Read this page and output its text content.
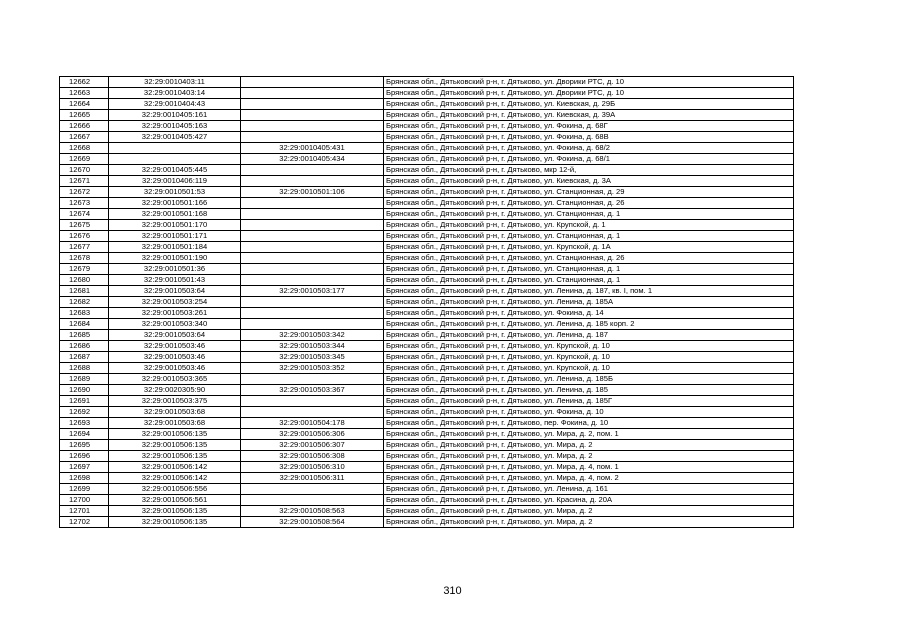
12662	32:29:0010403:11		Брянская обл., Дятьковский р-н, г. Дятьково, ул. Дворики РТС, д. 10
12663	32:29:0010403:14		Брянская обл., Дятьковский р-н, г. Дятьково, ул. Дворики РТС, д. 10
12664	32:29:0010404:43		Брянская обл., Дятьковский р-н, г. Дятьково, ул. Киевская, д. 29Б
12665	32:29:0010405:161		Брянская обл., Дятьковский р-н, г. Дятьково, ул. Киевская, д. 39А
12666	32:29:0010405:163		Брянская обл., Дятьковский р-н, г. Дятьково, ул. Фокина, д. 68Г
12667	32:29:0010405:427		Брянская обл., Дятьковский р-н, г. Дятьково, ул. Фокина, д. 68В
12668		32:29:0010405:431	Брянская обл., Дятьковский р-н, г. Дятьково, ул. Фокина, д. 68/2
12669		32:29:0010405:434	Брянская обл., Дятьковский р-н, г. Дятьково, ул. Фокина, д. 68/1
12670	32:29:0010405:445		Брянская обл., Дятьковский р-н, г. Дятьково, мкр 12-й,
12671	32:29:0010406:119		Брянская обл., Дятьковский р-н, г. Дятьково, ул. Киевская, д. 3А
12672	32:29:0010501:53	32:29:0010501:106	Брянская обл., Дятьковский р-н, г. Дятьково, ул. Станционная, д. 29
12673	32:29:0010501:166		Брянская обл., Дятьковский р-н, г. Дятьково, ул. Станционная, д. 26
12674	32:29:0010501:168		Брянская обл., Дятьковский р-н, г. Дятьково, ул. Станционная, д. 1
12675	32:29:0010501:170		Брянская обл., Дятьковский р-н, г. Дятьково, ул. Крупской, д. 1
12676	32:29:0010501:171		Брянская обл., Дятьковский р-н, г. Дятьково, ул. Станционная, д. 1
12677	32:29:0010501:184		Брянская обл., Дятьковский р-н, г. Дятьково, ул. Крупской, д. 1А
12678	32:29:0010501:190		Брянская обл., Дятьковский р-н, г. Дятьково, ул. Станционная, д. 26
12679	32:29:0010501:36		Брянская обл., Дятьковский р-н, г. Дятьково, ул. Станционная, д. 1
12680	32:29:0010501:43		Брянская обл., Дятьковский р-н, г. Дятьково, ул. Станционная, д. 1
12681	32:29:0010503:64	32:29:0010503:177	Брянская обл., Дятьковский р-н, г. Дятьково, ул. Ленина, д. 187, кв. I, пом. 1
12682	32:29:0010503:254		Брянская обл., Дятьковский р-н, г. Дятьково, ул. Ленина, д. 185А
12683	32:29:0010503:261		Брянская обл., Дятьковский р-н, г. Дятьково, ул. Фокина, д. 14
12684	32:29:0010503:340		Брянская обл., Дятьковский р-н, г. Дятьково, ул. Ленина, д. 185 корп. 2
12685	32:29:0010503:64	32:29:0010503:342	Брянская обл., Дятьковский р-н, г. Дятьково, ул. Ленина, д. 187
12686	32:29:0010503:46	32:29:0010503:344	Брянская обл., Дятьковский р-н, г. Дятьково, ул. Крупской, д. 10
12687	32:29:0010503:46	32:29:0010503:345	Брянская обл., Дятьковский р-н, г. Дятьково, ул. Крупской, д. 10
12688	32:29:0010503:46	32:29:0010503:352	Брянская обл., Дятьковский р-н, г. Дятьково, ул. Крупской, д. 10
12689	32:29:0010503:365		Брянская обл., Дятьковский р-н, г. Дятьково, ул. Ленина, д. 185Б
12690	32:29:0020305:90	32:29:0010503:367	Брянская обл., Дятьковский р-н, г. Дятьково, ул. Ленина, д. 185
12691	32:29:0010503:375		Брянская обл., Дятьковский р-н, г. Дятьково, ул. Ленина, д. 185Г
12692	32:29:0010503:68		Брянская обл., Дятьковский р-н, г. Дятьково, ул. Фокина, д. 10
12693	32:29:0010503:68	32:29:0010504:178	Брянская обл., Дятьковский р-н, г. Дятьково, пер. Фокина, д. 10
12694	32:29:0010506:135	32:29:0010506:306	Брянская обл., Дятьковский р-н, г. Дятьково, ул. Мира, д. 2, пом. 1
12695	32:29:0010506:135	32:29:0010506:307	Брянская обл., Дятьковский р-н, г. Дятьково, ул. Мира, д. 2
12696	32:29:0010506:135	32:29:0010506:308	Брянская обл., Дятьковский р-н, г. Дятьково, ул. Мира, д. 2
12697	32:29:0010506:142	32:29:0010506:310	Брянская обл., Дятьковский р-н, г. Дятьково, ул. Мира, д. 4, пом. 1
12698	32:29:0010506:142	32:29:0010506:311	Брянская обл., Дятьковский р-н, г. Дятьково, ул. Мира, д. 4, пом. 2
12699	32:29:0010506:556		Брянская обл., Дятьковский р-н, г. Дятьково, ул. Ленина, д. 161
12700	32:29:0010506:561		Брянская обл., Дятьковский р-н, г. Дятьково, ул. Красина, д. 20А
12701	32:29:0010506:135	32:29:0010508:563	Брянская обл., Дятьковский р-н, г. Дятьково, ул. Мира, д. 2
12702	32:29:0010506:135	32:29:0010508:564	Брянская обл., Дятьковский р-н, г. Дятьково, ул. Мира, д. 2
310
